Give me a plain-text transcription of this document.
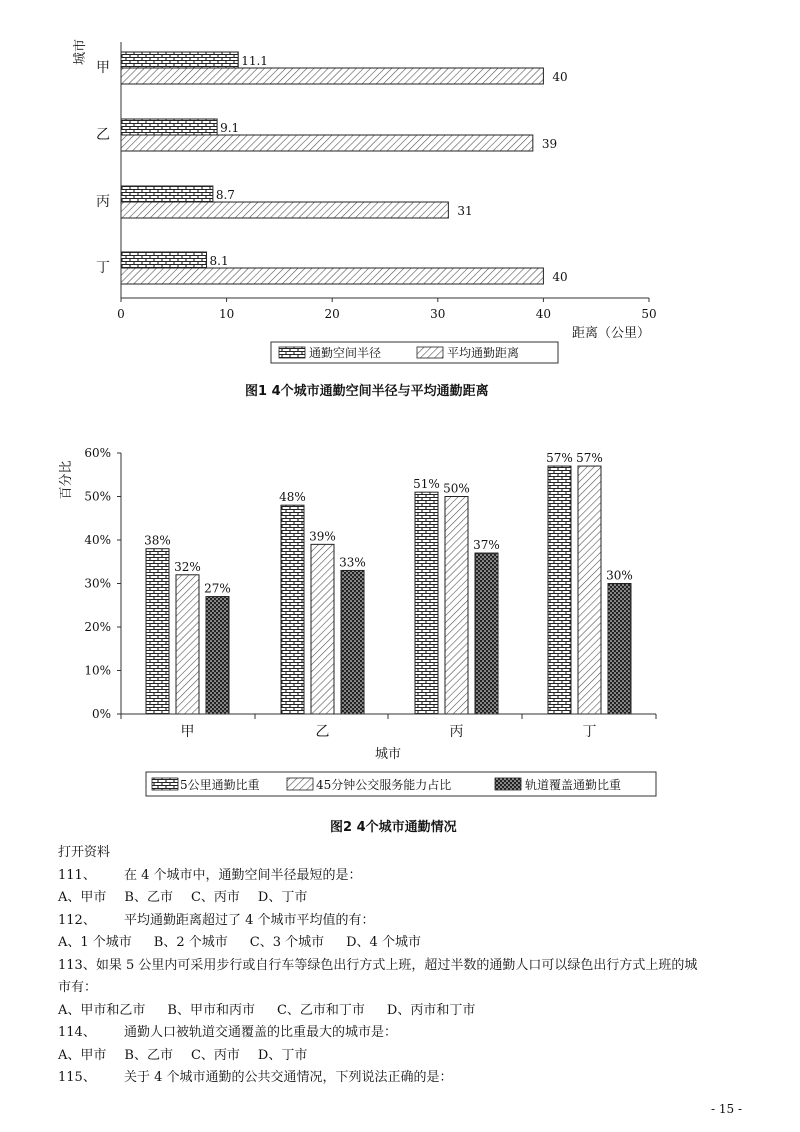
11.1
40
9.1
39
8.7
31
8.1
40
甲
乙
丙
丁
0	10	20	30	40	50
城市
距离（公里）
通勤空间半径	平均通勤距离
图1 4个城市通勤空间半径与平均通勤距离
38%
32%
27%
48%
39%
33%
51% 50%
37%
57% 57%
30%
0%
10%
20%
30%
40%
50%
60%
甲	乙	丙	丁
百分比
城市
5公里通勤比重	45分钟公交服务能力占比	轨道覆盖通勤比重
图2 4个城市通勤情况
打开资料
111、 在 4 个城市中，通勤空间半径最短的是：
A、甲市 B、乙市 C、丙市 D、丁市
112、 平均通勤距离超过了 4 个城市平均值的有：
A、1 个城市 B、2 个城市 C、3 个城市 D、4 个城市
113、如果 5 公里内可采用步行或自行车等绿色出行方式上班，超过半数的通勤人口可以绿色出行方式上班的城
市有：
A、甲市和乙市 B、甲市和丙市 C、乙市和丁市 D、丙市和丁市
114、 通勤人口被轨道交通覆盖的比重最大的城市是：
A、甲市 B、乙市 C、丙市 D、丁市
115、 关于 4 个城市通勤的公共交通情况，下列说法正确的是：
- 15 -
